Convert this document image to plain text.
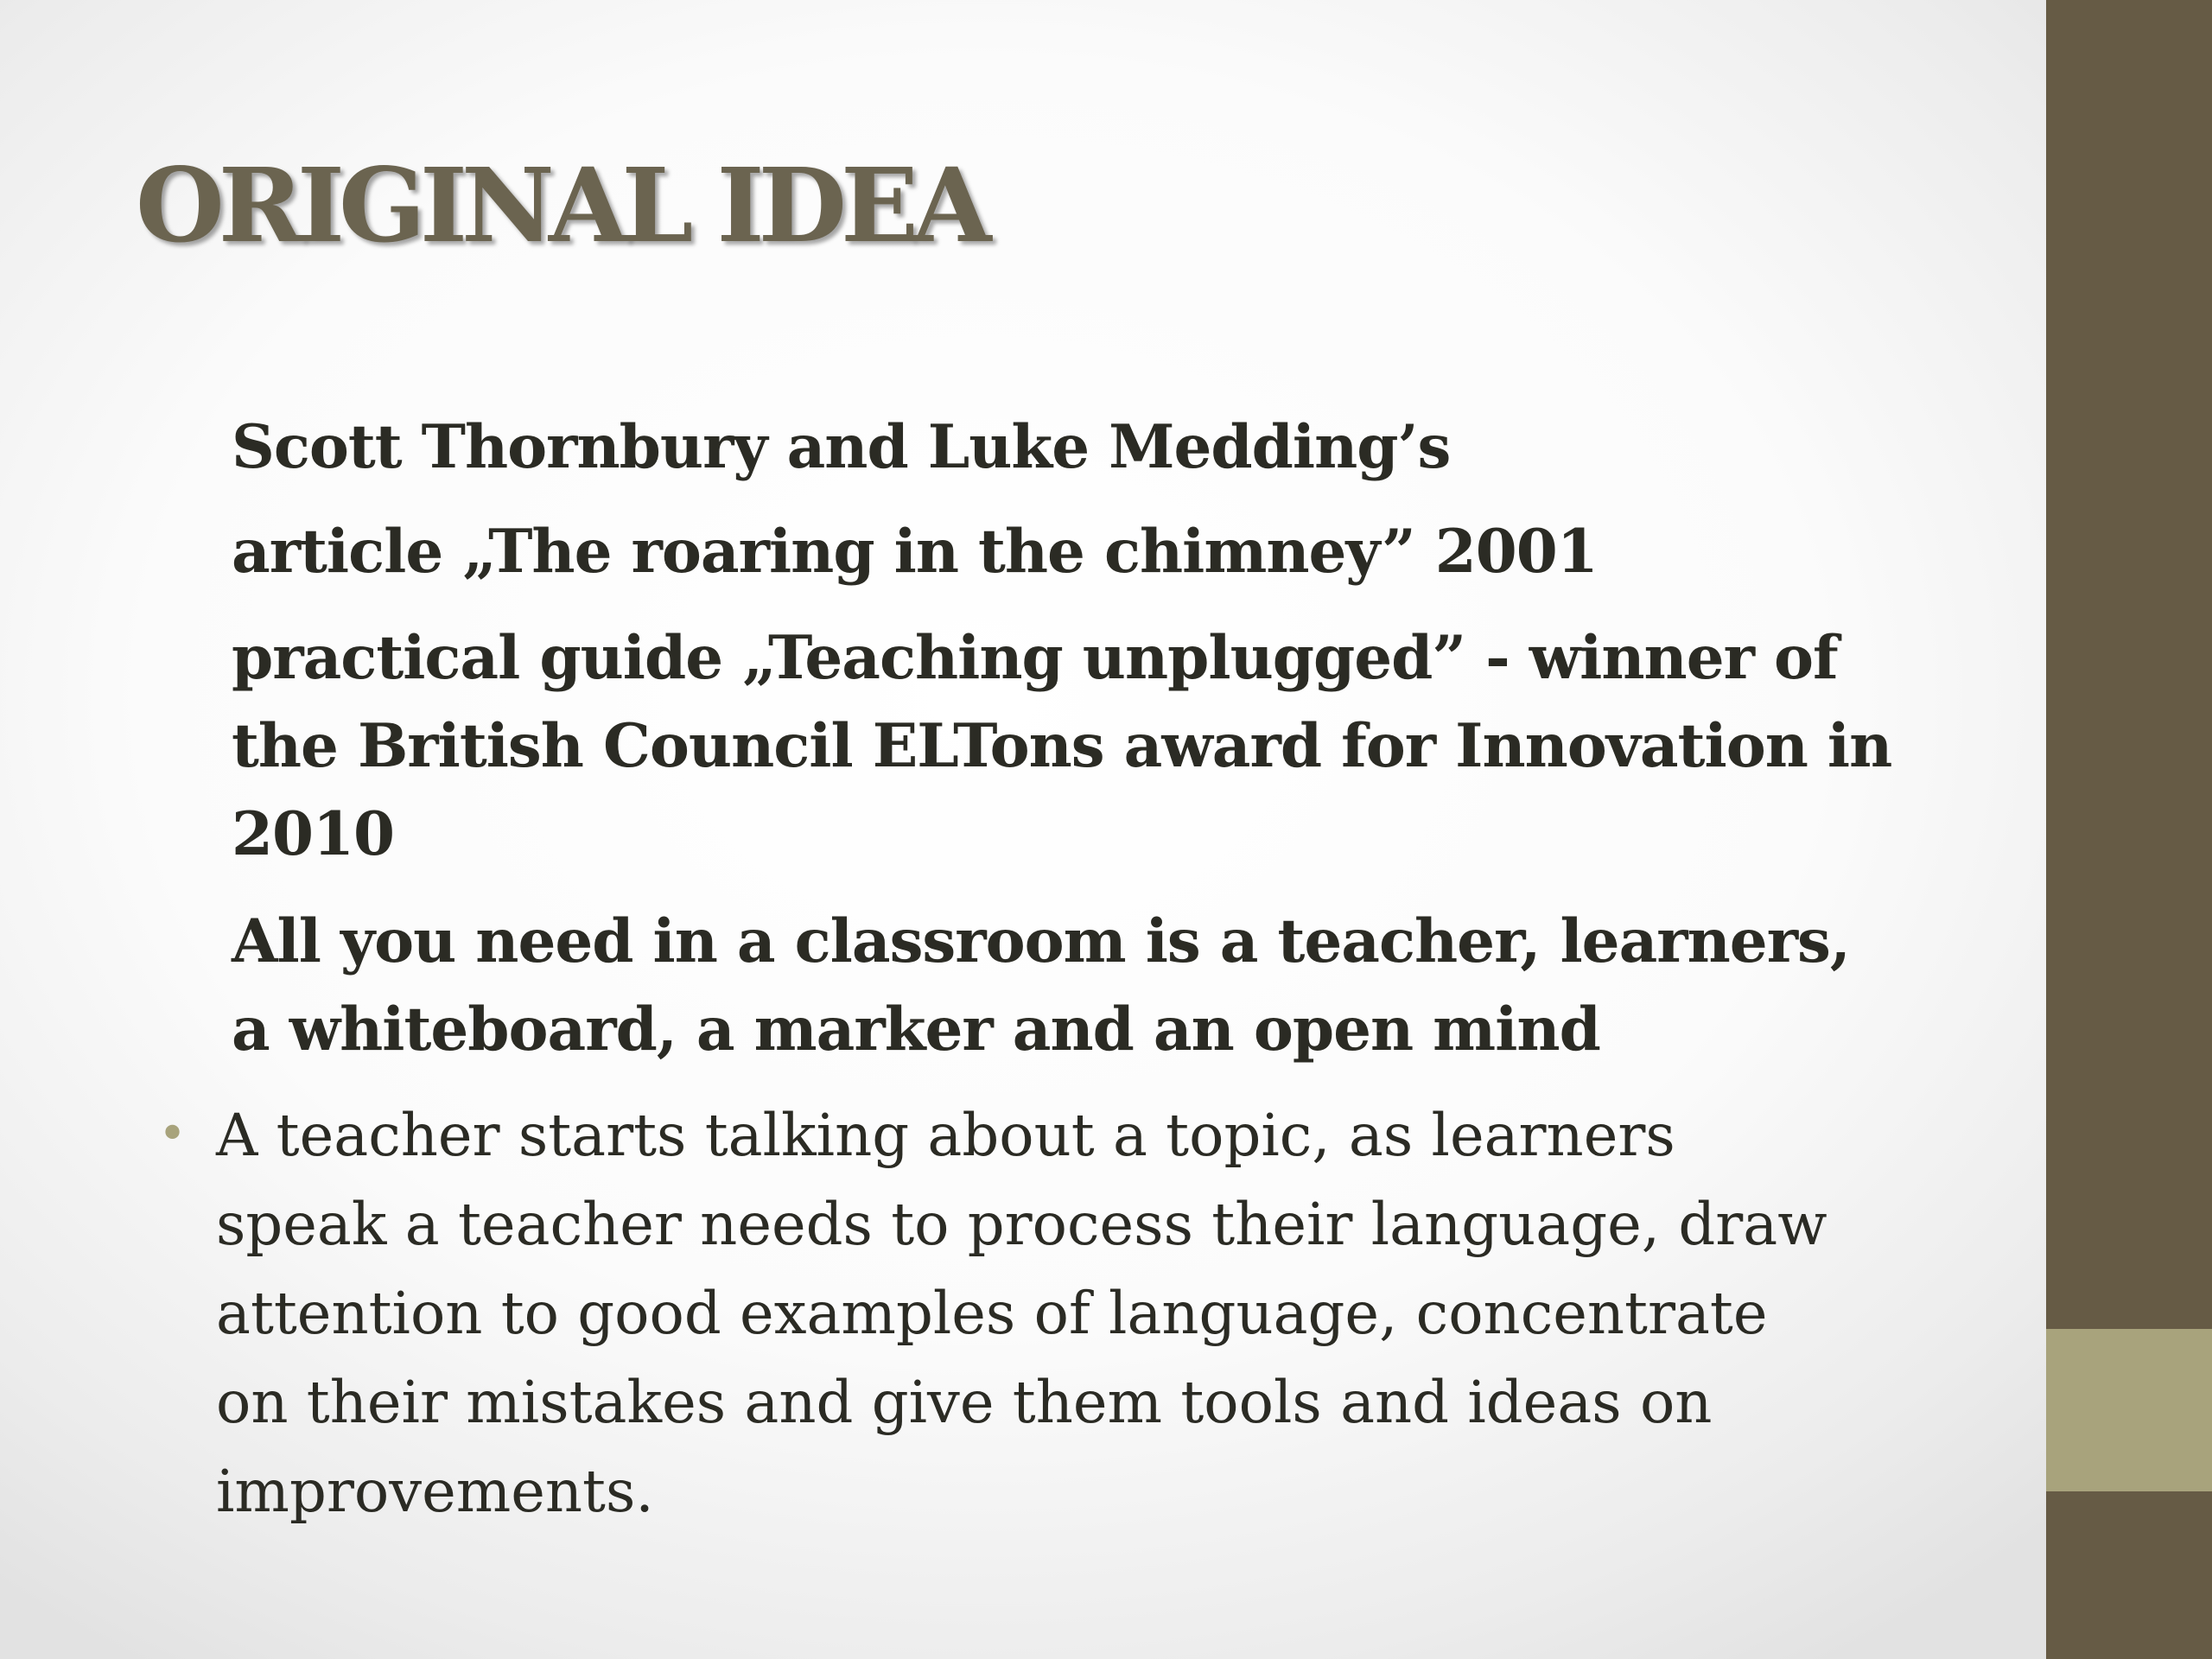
ORIGINAL IDEA

Scott Thornbury and Luke Medding’s

article „The roaring in the chimney” 2001

practical guide „Teaching unplugged” - winner of
the British Council ELTons award for Innovation in
2010

All you need in a classroom is a teacher, learners,
a whiteboard, a marker and an open mind

• A teacher starts talking about a topic, as learners
speak a teacher needs to process their language, draw
attention to good examples of language, concentrate
on their mistakes and give them tools and ideas on
improvements.
